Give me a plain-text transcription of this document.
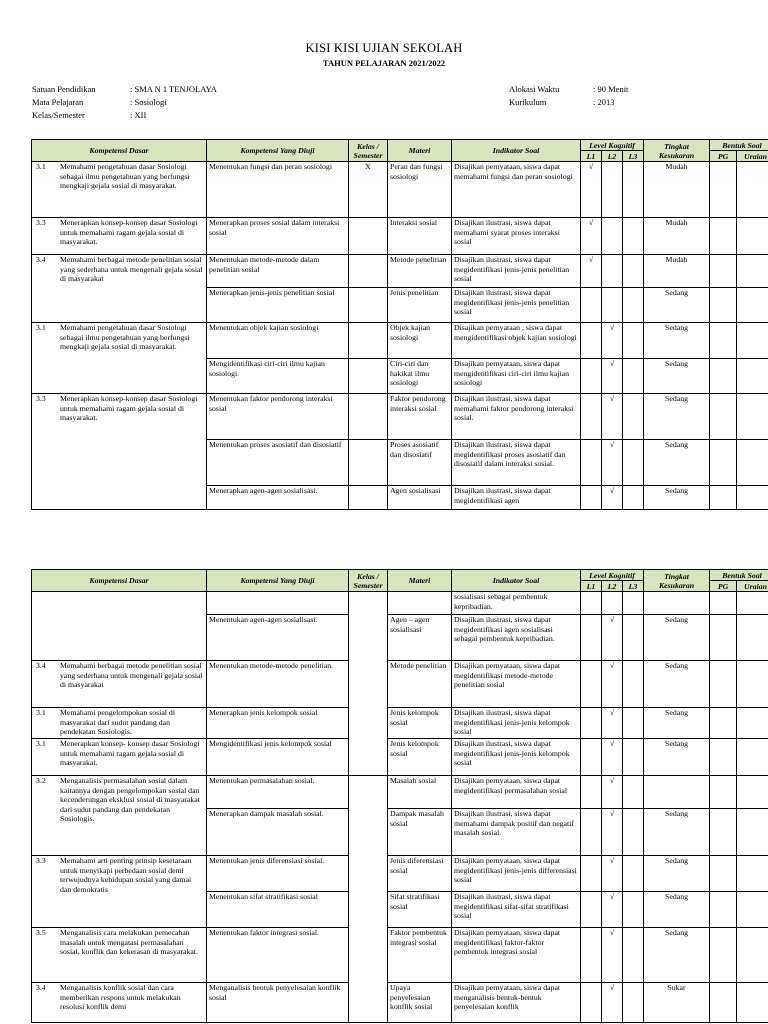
KISI KISI UJIAN SEKOLAH
TAHUN PELAJARAN 2021/2022
Satuan Pendidikan	: SMA N 1 TENJOLAYA
Mata Pelajaran	: Sosiologi
Kelas/Semester	: XII
Alokasi Waktu	: 90 Menit
Kurikulum	: 2013
Kompetensi Dasar	Kompetensi Yang Diuji	Kelas / Semester	Materi	Indikator Soal	Level Kognitif			Tingkat Kesukaran	Bentuk Soal	
					L1	L2	L3		PG	Uraian

3.1 Memahami pengetahuan dasar Sosiologi sebagai ilmu pengetahuan yang berfungsi mengkaji gejala sosial di masyarakat.	Menentukan fungsi dan peran sosiologi	X	Peran dan fungsi sosiologi	Disajikan pernyataan, siswa dapat memahami fungsi dan peran sosiologi	√			Mudah		

3.3 Menerapkan konsep-konsep dasar Sosiologi untuk memahami ragam gejala sosial di masyarakat.	Menerapkan proses sosial dalam interaksi sosial		Interaksi sosial	Disajikan ilustrasi, siswa dapat memahami syarat proses interaksi sosial	√			Mudah		

3.4 Memahami berbagai metode penelitian sosial yang sederhana untuk mengenali gejala sosial di masyarakat	Menentukan metode-metode dalam penelitian sosial		Metode penelitian	Disajikan ilustrasi, siswa dapat megidentifikasi jenis-jenis penelitian sosial	√			Mudah		
	Menerapkan jenis-jenis penelitian sosial		Jenis penelitian	Disajikan ilustrasi, siswa dapat megidentifikasi jenis-jenis penelitian sosial				Sedang		

3.1 Memahami pengetahuan dasar Sosiologi sebagai ilmu pengetahuan yang berfungsi mengkaji gejala sosial di masyarakat.	Menentukan objek kajian sosiologi		Objek kajian sosiologi	Disajikan pernyataan , siswa dapat mengidentifikasi objek kajian sosiologi		√		Sedang		
	Mengidentifikasi ciri-ciri ilmu kajian sosiologi.		Ciri-ciri dan hakikat ilmu sosiologi	Disajikan pernyataan, siswa dapat mengidentifikasi ciri-ciri ilmu kajian sosiologi		√		Sedang		

3.3 Menerapkan konsep-konsep dasar Sosiologi untuk memahami ragam gejala sosial di masyarakat.	Menentukan faktor pendorong interaksi sosial		Faktor pendorong interaksi sosial	Disajikan ilustrasi, siswa dapat memahami faktor pendorong interaksi sosial.		√		Sedang		
	Menentukan proses asosiatif dan disosiatif		Proses asosiatif dan disosiatif	Disajikan ilustrasi, siswa dapat megidentifikasi proses asosiatif dan disosiatif dalam interaksi sosial.		√		Sedang		
	Menerapkan agen-agen sosialisasi.		Agen sosialisasi	Disajikan ilustrasi, siswa dapat megidentifikasi agen		√		Sedang		
Kompetensi Dasar	Kompetensi Yang Diuji	Kelas / Semester	Materi	Indikator Soal	Level Kognitif			Tingkat Kesukaran	Bentuk Soal	
					L1	L2	L3		PG	Uraian

				sosialisasi sebagai pembentuk kepribadian.						
	Menentukan agen-agen sosialisasi.		Agen – agen sosialisasi	Disajikan ilustrasi, siswa dapat megidentifikasi agen sosialisasi sebagai pembentuk kepribadian.		√		Sedang		

3.4 Memahami berbagai metode penelitian sosial yang sederhana untuk mengenali gejala sosial di masyarakat	Menentukan metode-metode penelitian.		Metode penelitian	Disajikan pernyataan, siswa dapat megidentifikasi metode-metode penelitian sosial		√		Sedang		

3.1 Memahami pengelompokan sosial di masyarakat dari sudut pandang dan pendekatan Sosiologis.	Menerapkan jenis kelompok sosial		Jenis kelompok sosial	Disajikan ilustrasi, siswa dapat megidentifikasi jenis-jenis kelompok sosial		√		Sedang		

3.1 Menerapkan konsep- konsep dasar Sosiologi untuk memahami ragam gejala sosial di masyarakat.	Mengidentifikasi jenis kelompok sosial		Jenis kelompok sosial	Disajikan ilustrasi, siswa dapat megidentifikasi jenis-jenis kelompok sosial		√		Sedang		

3.2 Menganalisis permasalahan sosial dalam kaitannya dengan pengelompokan sosial dan kecenderungan eksklusi sosial di masyarakat dari sudut pandang dan pendekatan Sosiologis.	Menentukan permasalahan sosial.		Masalah sosial	Disajikan pernyataan, siswa dapat megidentifikasi permasalahan sosial		√				
	Menerapkan dampak masalah sosial.		Dampak masalah sosial	Disajikan ilustrasi, siswa dapat memahami dampak positif dan negatif masalah sosial.		√		Sedang		

3.3 Memahami arti penting prinsip kesetaraan untuk menyikapi perbedaan sosial demi terwujudnya kehidupan sosial yang damai dan demokratis	Menentukan jenis diferensiasi sosial.		Jenis diferensiasi sosial	Disajikan pernyataan, siswa dapat megidentifikasi jenis-jenis differensiasi sosial		√		Sedang		
	Menentukan sifat stratifikasi sosial		Sifat stratifikasi sosial	Disajikan ilustrasi, siswa dapat megidentifikasi sifat-sifat stratifikasi sosial		√		Sedang		

3.5 Menganalisis cara melakukan pemecahan masalah untuk mengatasi permasalahan sosial, konflik dan kekerasan di masyarakat.	Menentukan faktor integrasi sosial.		Faktor pembentuk integrasi sosial	Disajikan pernyataan, siswa dapat megidentifikasi faktor-faktor pembentuk integrasi sosial		√		Sedang		

3.4 Menganalisis konflik sosial dan cara memberikan respons untuk melakukan resolusi konflik demi	Menganalisis bentuk penyelesaian konflik sosial		Upaya penyelesaian konflik sosial	Disajikan pernyataan, siswa dapat menganalisis bentuk-bentuk penyelesaian konflik		√		Sukar		
